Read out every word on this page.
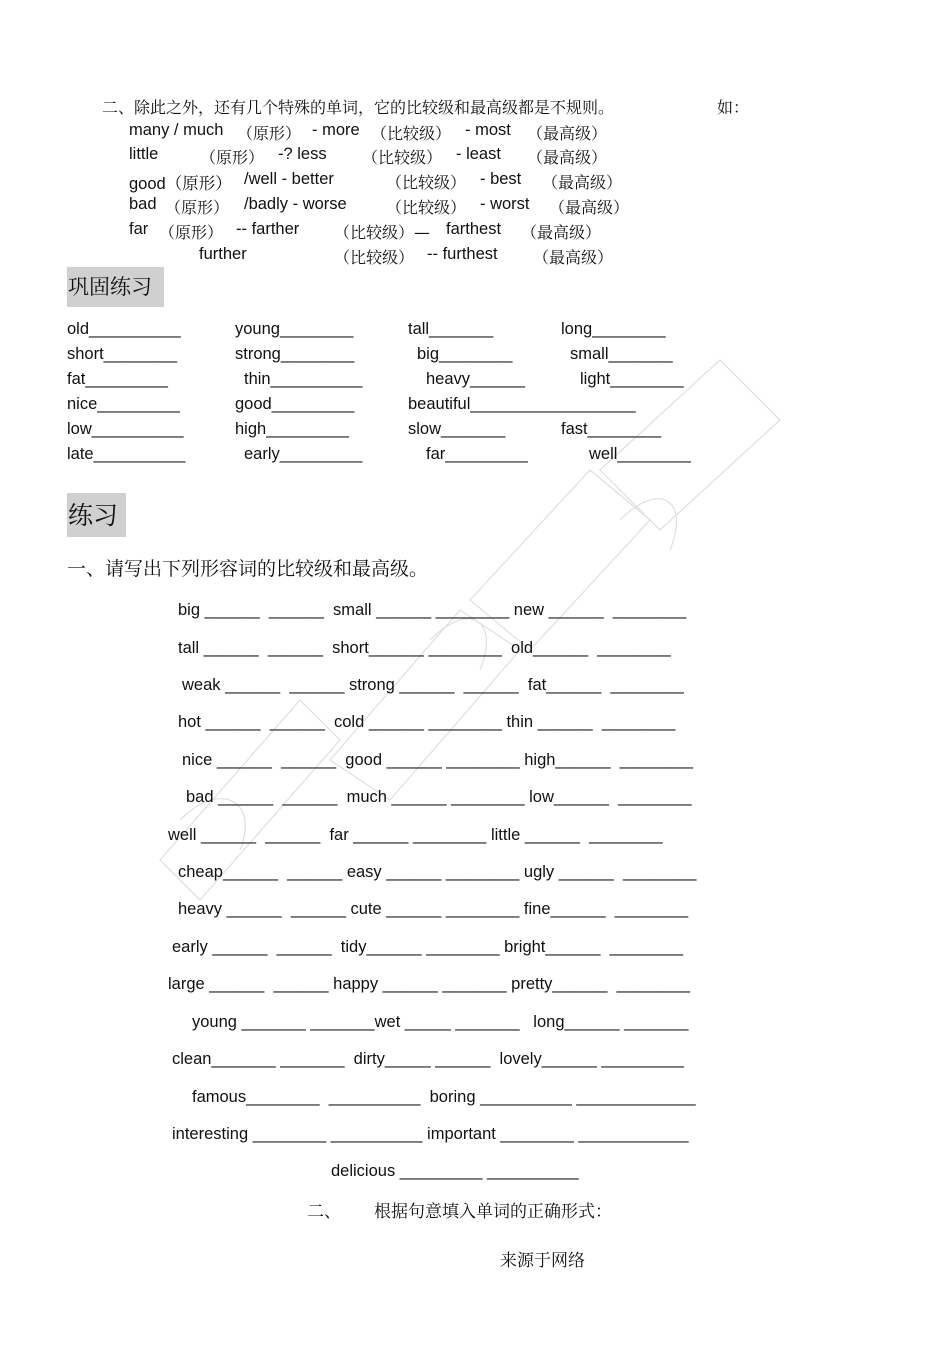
二、除此之外，还有几个特殊的单词，它的比较级和最高级都是不规则。	如：
many / much （原形） - more （比较级） - most （最高级）
little	（原形） -? less （比较级） - least （最高级）
good（原形） /well - better	（比较级） - best （最高级）
bad （原形） /badly - worse （比较级） - worst （最高级）
far （原形） -- farther （比较级）— farthest （最高级）
further	（比较级） -- furthest （最高级）
巩固练习
old__________	young________	tall_______	long________
short________	strong________	big________	small_______
fat_________	thin__________	heavy______	light________
nice_________	good_________	beautiful__________________
low__________	high_________	slow_______	fast________
late__________	early_________	far_________	well________
练习
一、请写出下列形容词的比较级和最高级。
big ______  ______  small ______ ________ new ______  ________
tall ______  ______  short______ ________  old______  ________
weak ______  ______ strong ______  ______  fat______  ________
hot ______  ______  cold ______ ________ thin ______  ________
nice ______  ______  good ______ ________ high______  ________
bad ______  ______  much ______ ________ low______  ________
well ______  ______  far ______ ________ little ______  ________
cheap______  ______ easy ______ ________ ugly ______  ________
heavy ______  ______ cute ______ ________ fine______  ________
early ______  ______  tidy______ ________ bright______  ________
large ______  ______ happy ______ _______ pretty______  ________
young _______ _______wet _____ _______   long______ _______
clean_______ _______  dirty_____ ______  lovely______ _________
famous________  __________  boring __________ _____________
interesting ________ __________ important ________ ____________
delicious _________ __________
二、 根据句意填入单词的正确形式：
来源于网络
